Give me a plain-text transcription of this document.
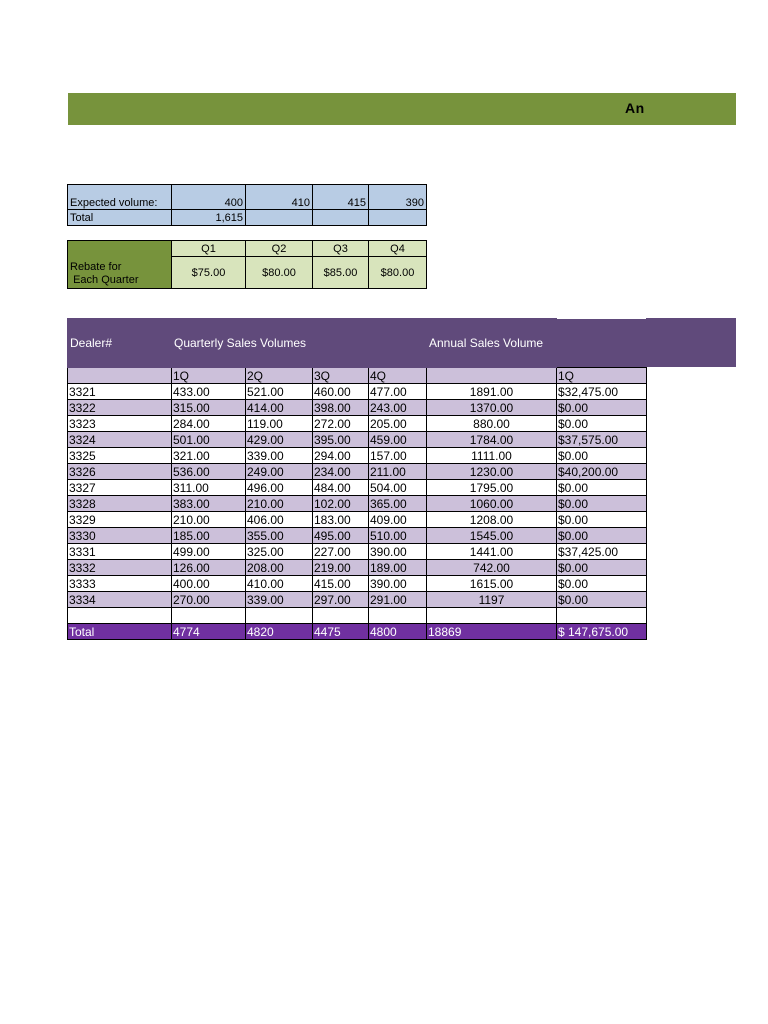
An
Expected volume:	400	410	415	390
Total	1,615			
Rebate for
Each Quarter	Q1	Q2	Q3	Q4
	$75.00	$80.00	$85.00	$80.00
Dealer#	Quarterly Sales Volumes				Annual Sales Volume	
	1Q	2Q	3Q	4Q		1Q
3321	433.00	521.00	460.00	477.00	1891.00	$32,475.00
3322	315.00	414.00	398.00	243.00	1370.00	$0.00
3323	284.00	119.00	272.00	205.00	880.00	$0.00
3324	501.00	429.00	395.00	459.00	1784.00	$37,575.00
3325	321.00	339.00	294.00	157.00	1111.00	$0.00
3326	536.00	249.00	234.00	211.00	1230.00	$40,200.00
3327	311.00	496.00	484.00	504.00	1795.00	$0.00
3328	383.00	210.00	102.00	365.00	1060.00	$0.00
3329	210.00	406.00	183.00	409.00	1208.00	$0.00
3330	185.00	355.00	495.00	510.00	1545.00	$0.00
3331	499.00	325.00	227.00	390.00	1441.00	$37,425.00
3332	126.00	208.00	219.00	189.00	742.00	$0.00
3333	400.00	410.00	415.00	390.00	1615.00	$0.00
3334	270.00	339.00	297.00	291.00	1197	$0.00

Total	4774	4820	4475	4800	18869	$ 147,675.00
